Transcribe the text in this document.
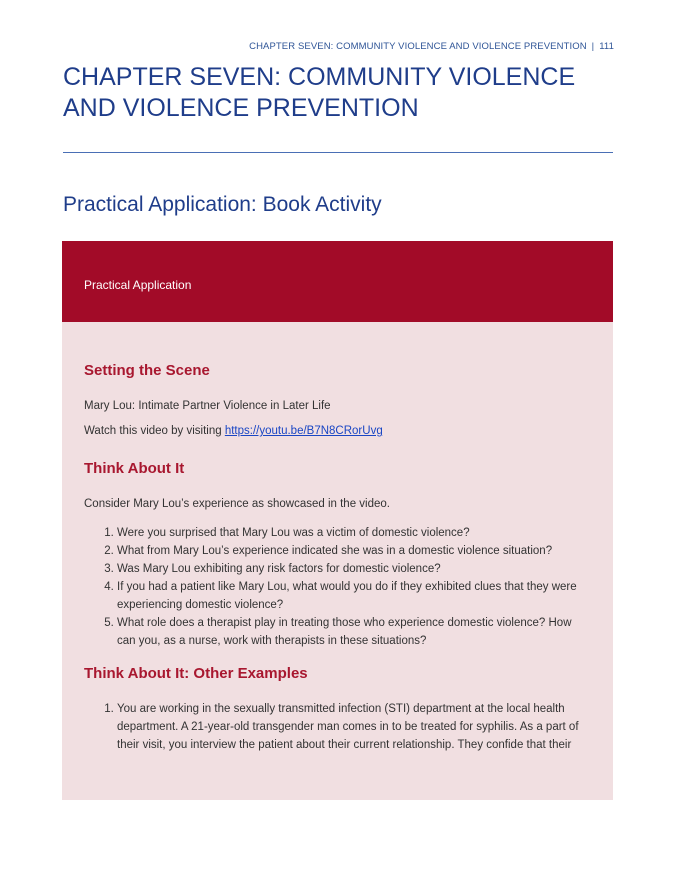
CHAPTER SEVEN: COMMUNITY VIOLENCE AND VIOLENCE PREVENTION | 111
CHAPTER SEVEN: COMMUNITY VIOLENCE AND VIOLENCE PREVENTION
Practical Application: Book Activity
Practical Application
Setting the Scene

Mary Lou: Intimate Partner Violence in Later Life

Watch this video by visiting https://youtu.be/B7N8CRorUvg

Think About It

Consider Mary Lou’s experience as showcased in the video.

1. Were you surprised that Mary Lou was a victim of domestic violence?
2. What from Mary Lou’s experience indicated she was in a domestic violence situation?
3. Was Mary Lou exhibiting any risk factors for domestic violence?
4. If you had a patient like Mary Lou, what would you do if they exhibited clues that they were experiencing domestic violence?
5. What role does a therapist play in treating those who experience domestic violence? How can you, as a nurse, work with therapists in these situations?
Think About It: Other Examples
1. You are working in the sexually transmitted infection (STI) department at the local health department. A 21-year-old transgender man comes in to be treated for syphilis. As a part of their visit, you interview the patient about their current relationship. They confide that their
